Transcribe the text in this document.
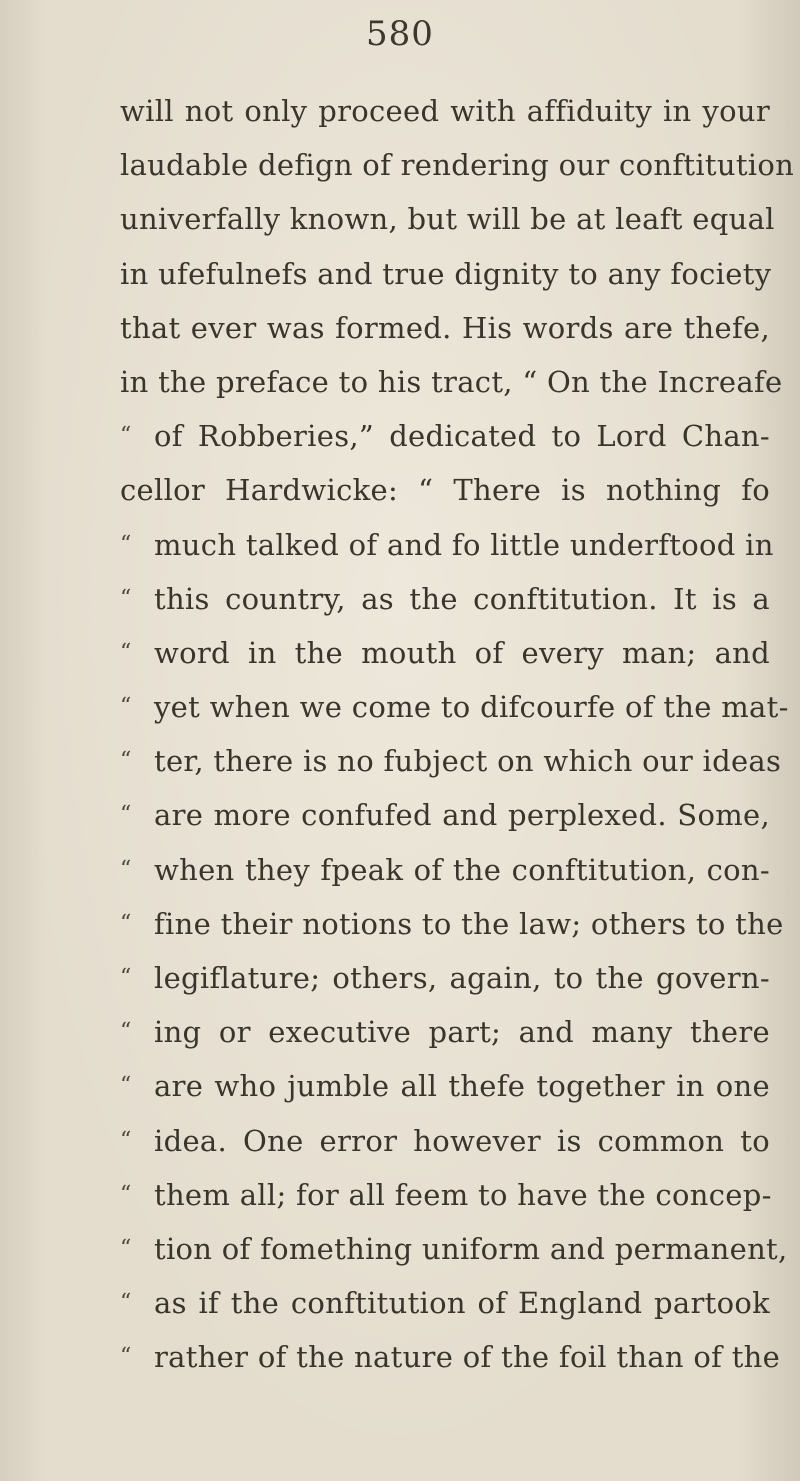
580
will not only proceed with affiduity in your
laudable defign of rendering our conftitution
univerfally known, but will be at leaft equal
in ufefulnefs and true dignity to any fociety
that ever was formed. His words are thefe,
in the preface to his tract, “ On the Increafe
“ of Robberies,” dedicated to Lord Chan-
cellor Hardwicke: “ There is nothing fo
“ much talked of and fo little underftood in
“ this country, as the conftitution. It is a
“ word in the mouth of every man; and
“ yet when we come to difcourfe of the mat-
“ ter, there is no fubject on which our ideas
“ are more confufed and perplexed. Some,
“ when they fpeak of the conftitution, con-
“ fine their notions to the law; others to the
“ legiflature; others, again, to the govern-
“ ing or executive part; and many there
“ are who jumble all thefe together in one
“ idea. One error however is common to
“ them all; for all feem to have the concep-
“ tion of fomething uniform and permanent,
“ as if the conftitution of England partook
“ rather of the nature of the foil than of the
